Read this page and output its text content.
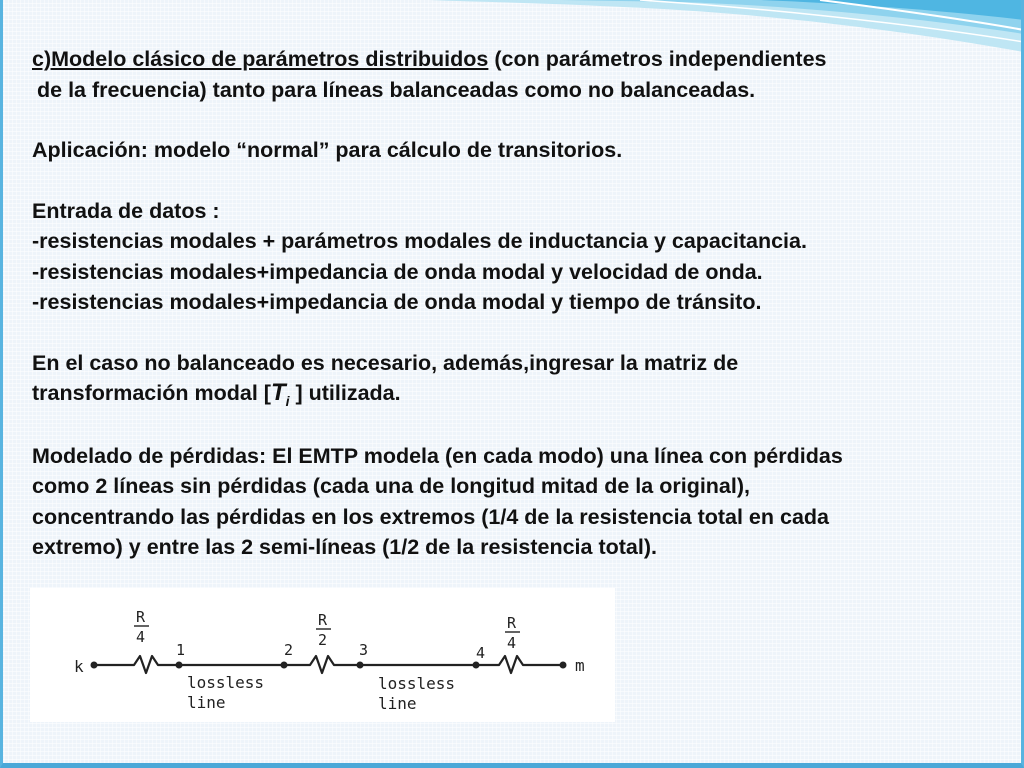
c)Modelo clásico de parámetros distribuidos (con parámetros independientes

de la frecuencia) tanto para líneas balanceadas como no balanceadas.

Aplicación: modelo “normal” para cálculo de transitorios.

Entrada de datos :

-resistencias modales + parámetros modales de inductancia y capacitancia.

-resistencias modales+impedancia de onda modal y velocidad de onda.

-resistencias modales+impedancia de onda modal y tiempo de tránsito.

En el caso no balanceado es necesario, además,ingresar la matriz de

transformación modal [$T_i$ ] utilizada.

Modelado de pérdidas: El EMTP modela (en cada modo) una línea con pérdidas

como 2 líneas sin pérdidas (cada una de longitud mitad de la original),

concentrando las pérdidas en los extremos (1/4 de la resistencia total en cada

extremo) y entre las 2 semi-líneas (1/2 de la resistencia total).

k	m
1	2	3	4
R
4
R
2
R
4
lossless
line
lossless
line
